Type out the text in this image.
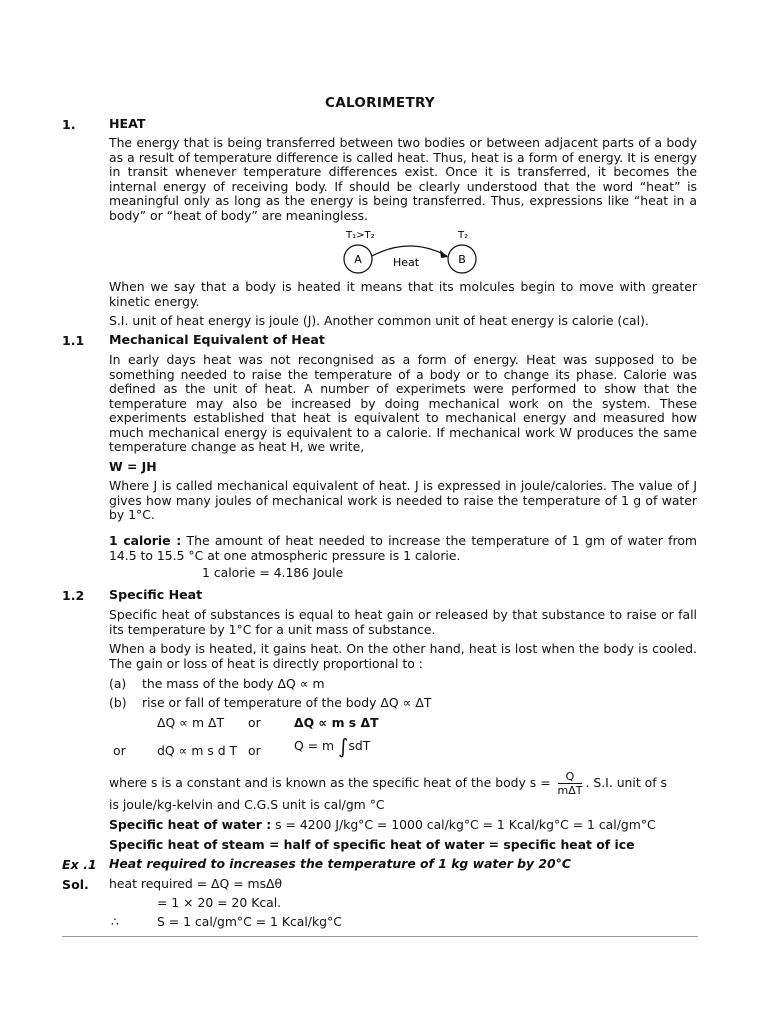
CALORIMETRY
1.	HEAT
The energy that is being transferred between two bodies or between adjacent parts of a body as a result of temperature difference is called heat. Thus, heat is a form of energy. It is energy in transit whenever temperature differences exist. Once it is transferred, it becomes the internal energy of receiving body. If should be clearly understood that the word “heat” is meaningful only as long as the energy is being transferred. Thus, expressions like “heat in a body” or “heat of body” are meaningless.
T₁>T₂	T₂
A	B
Heat
When we say that a body is heated it means that its molcules begin to move with greater kinetic energy.
S.I. unit of heat energy is joule (J). Another common unit of heat energy is calorie (cal).
1.1 Mechanical Equivalent of Heat
In early days heat was not recongnised as a form of energy. Heat was supposed to be something needed to raise the temperature of a body or to change its phase. Calorie was defined as the unit of heat. A number of experimets were performed to show that the temperature may also be increased by doing mechanical work on the system. These experiments established that heat is equivalent to mechanical energy and measured how much mechanical energy is equivalent to a calorie. If mechanical work W produces the same temperature change as heat H, we write,
W = JH
Where J is called mechanical equivalent of heat. J is expressed in joule/calories. The value of J gives how many joules of mechanical work is needed to raise the temperature of 1 g of water by 1°C.
1 calorie : The amount of heat needed to increase the temperature of 1 gm of water from 14.5 to 15.5 °C at one atmospheric pressure is 1 calorie.
1 calorie = 4.186 Joule
1.2 Specific Heat
Specific heat of substances is equal to heat gain or released by that substance to raise or fall its temperature by 1°C for a unit mass of substance.
When a body is heated, it gains heat. On the other hand, heat is lost when the body is cooled. The gain or loss of heat is directly proportional to :
(a)	the mass of the body ΔQ ∝ m
(b)	rise or fall of temperature of the body ΔQ ∝ ΔT
ΔQ ∝ m ΔT	or	ΔQ ∝ m s ΔT
or	dQ ∝ m s d T or	Q = m ∫sdT
where s is a constant and is known as the specific heat of the body $s = \frac{Q}{\text{mΔT}}$ . S.I. unit of s
is joule/kg-kelvin and C.G.S unit is cal/gm °C
Specific heat of water : s = 4200 J/kg°C = 1000 cal/kg°C = 1 Kcal/kg°C = 1 cal/gm°C
Specific heat of steam = half of specific heat of water = specific heat of ice
Ex .1 Heat required to increases the temperature of 1 kg water by 20°C
Sol. heat required = ΔQ = msΔθ
= 1 × 20 = 20 Kcal.
∴	S = 1 cal/gm°C = 1 Kcal/kg°C
